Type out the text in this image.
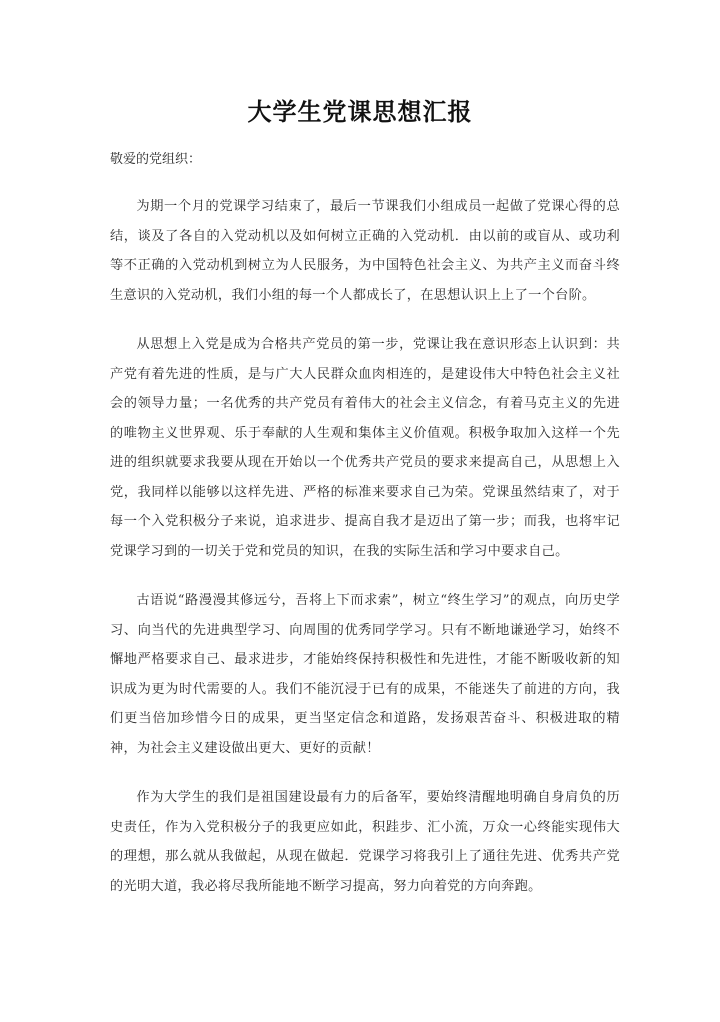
大学生党课思想汇报
敬爱的党组织：

为期一个月的党课学习结束了，最后一节课我们小组成员一起做了党课心得的总结，谈及了各自的入党动机以及如何树立正确的入党动机．由以前的或盲从、或功利等不正确的入党动机到树立为人民服务，为中国特色社会主义、为共产主义而奋斗终生意识的入党动机，我们小组的每一个人都成长了，在思想认识上上了一个台阶。

从思想上入党是成为合格共产党员的第一步，党课让我在意识形态上认识到：共产党有着先进的性质，是与广大人民群众血肉相连的，是建设伟大中特色社会主义社会的领导力量；一名优秀的共产党员有着伟大的社会主义信念，有着马克主义的先进的唯物主义世界观、乐于奉献的人生观和集体主义价值观。积极争取加入这样一个先进的组织就要求我要从现在开始以一个优秀共产党员的要求来提高自己，从思想上入党，我同样以能够以这样先进、严格的标准来要求自己为荣。党课虽然结束了，对于每一个入党积极分子来说，追求进步、提高自我才是迈出了第一步；而我，也将牢记党课学习到的一切关于党和党员的知识，在我的实际生活和学习中要求自己。

古语说“路漫漫其修远兮，吾将上下而求索”，树立“终生学习”的观点，向历史学习、向当代的先进典型学习、向周围的优秀同学学习。只有不断地谦逊学习，始终不懈地严格要求自己、最求进步，才能始终保持积极性和先进性，才能不断吸收新的知识成为更为时代需要的人。我们不能沉浸于已有的成果，不能迷失了前进的方向，我们更当倍加珍惜今日的成果，更当坚定信念和道路，发扬艰苦奋斗、积极进取的精神，为社会主义建设做出更大、更好的贡献！

作为大学生的我们是祖国建设最有力的后备军，要始终清醒地明确自身肩负的历史责任，作为入党积极分子的我更应如此，积跬步、汇小流，万众一心终能实现伟大的理想，那么就从我做起，从现在做起．党课学习将我引上了通往先进、优秀共产党的光明大道，我必将尽我所能地不断学习提高，努力向着党的方向奔跑。
